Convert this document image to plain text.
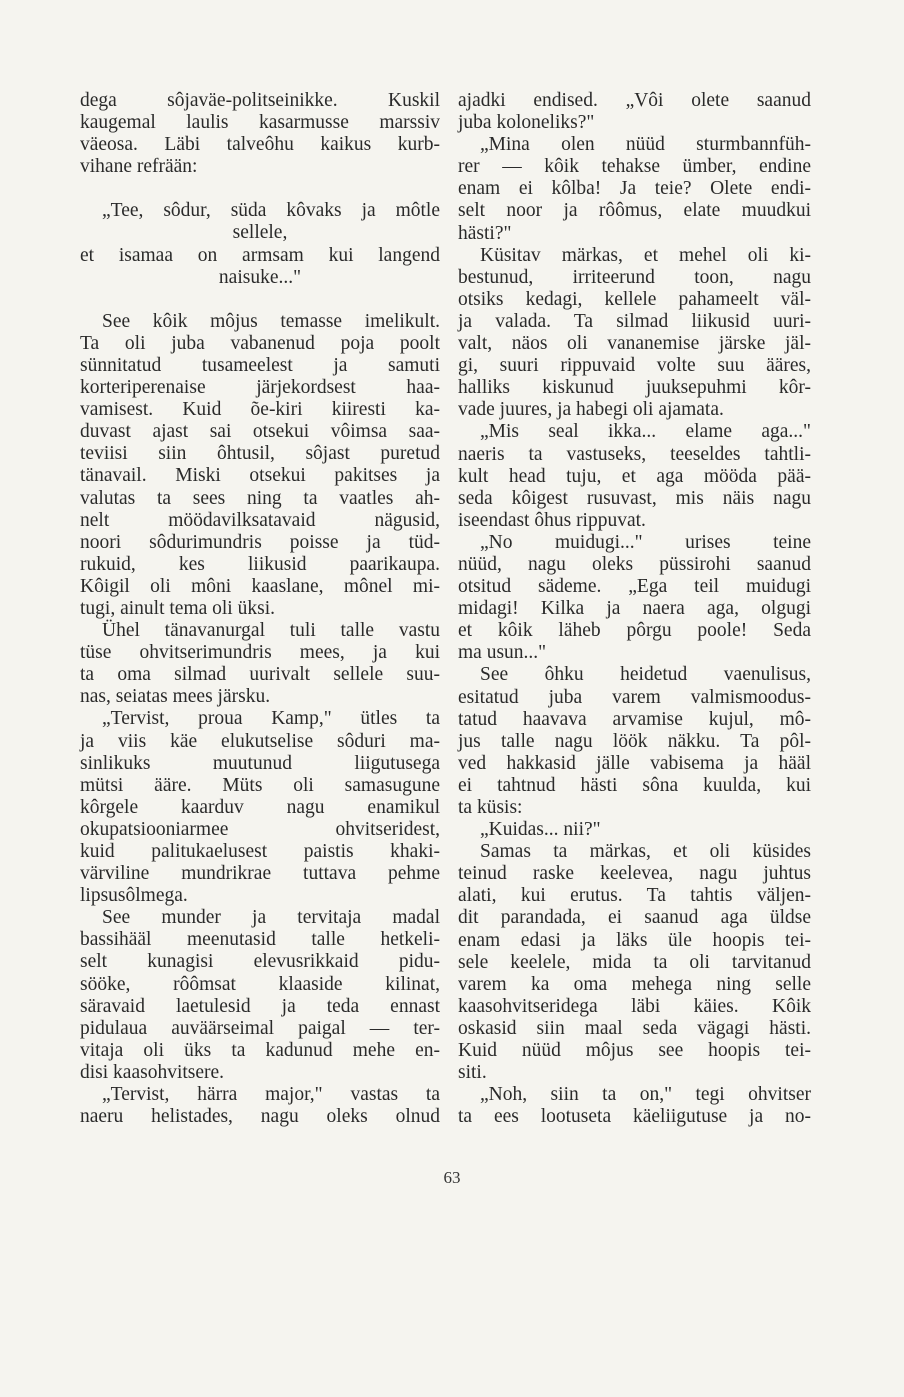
dega sôjaväe-politseinikke. Kuskil
kaugemal laulis kasarmusse marssiv
väeosa. Läbi talveôhu kaikus kurb-
vihane refrään:
„Tee, sôdur, süda kôvaks ja môtle
sellele,
et isamaa on armsam kui langend
naisuke..."
See kôik môjus temasse imelikult.
Ta oli juba vabanenud poja poolt
sünnitatud tusameelest ja samuti
korteriperenaise järjekordsest haa-
vamisest. Kuid õe-kiri kiiresti ka-
duvast ajast sai otsekui vôimsa saa-
teviisi siin ôhtusil, sôjast puretud
tänavail. Miski otsekui pakitses ja
valutas ta sees ning ta vaatles ah-
nelt möödavilksatavaid nägusid,
noori sôdurimundris poisse ja tüd-
rukuid, kes liikusid paarikaupa.
Kôigil oli môni kaaslane, mônel mi-
tugi, ainult tema oli üksi.
Ühel tänavanurgal tuli talle vastu
tüse ohvitserimundris mees, ja kui
ta oma silmad uurivalt sellele suu-
nas, seiatas mees järsku.
„Tervist, proua Kamp," ütles ta
ja viis käe elukutselise sôduri ma-
sinlikuks muutunud liigutusega
mütsi ääre. Müts oli samasugune
kôrgele kaarduv nagu enamikul
okupatsiooniarmee ohvitseridest,
kuid palitukaelusest paistis khaki-
värviline mundrikrae tuttava pehme
lipsusôlmega.
See munder ja tervitaja madal
bassihääl meenutasid talle hetkeli-
selt kunagisi elevusrikkaid pidu-
sööke, rôômsat klaaside kilinat,
säravaid laetulesid ja teda ennast
pidulaua auväärseimal paigal — ter-
vitaja oli üks ta kadunud mehe en-
disi kaasohvitsere.
„Tervist, härra major," vastas ta
naeru helistades, nagu oleks olnud
ajadki endised. „Vôi olete saanud
juba koloneliks?"
„Mina olen nüüd sturmbannfüh-
rer — kôik tehakse ümber, endine
enam ei kôlba! Ja teie? Olete endi-
selt noor ja rôômus, elate muudkui
hästi?"
Küsitav märkas, et mehel oli ki-
bestunud, irriteerund toon, nagu
otsiks kedagi, kellele pahameelt väl-
ja valada. Ta silmad liikusid uuri-
valt, näos oli vananemise järske jäl-
gi, suuri rippuvaid volte suu ääres,
halliks kiskunud juuksepuhmi kôr-
vade juures, ja habegi oli ajamata.
„Mis seal ikka... elame aga..."
naeris ta vastuseks, teeseldes tahtli-
kult head tuju, et aga mööda pää-
seda kôigest rusuvast, mis näis nagu
iseendast ôhus rippuvat.
„No muidugi..." urises teine
nüüd, nagu oleks püssirohi saanud
otsitud sädeme. „Ega teil muidugi
midagi! Kilka ja naera aga, olgugi
et kôik läheb pôrgu poole! Seda
ma usun..."
See ôhku heidetud vaenulisus,
esitatud juba varem valmismoodus-
tatud haavava arvamise kujul, mô-
jus talle nagu löök näkku. Ta pôl-
ved hakkasid jälle vabisema ja hääl
ei tahtnud hästi sôna kuulda, kui
ta küsis:
„Kuidas... nii?"
Samas ta märkas, et oli küsides
teinud raske keelevea, nagu juhtus
alati, kui erutus. Ta tahtis väljen-
dit parandada, ei saanud aga üldse
enam edasi ja läks üle hoopis tei-
sele keelele, mida ta oli tarvitanud
varem ka oma mehega ning selle
kaasohvitseridega läbi käies. Kôik
oskasid siin maal seda vägagi hästi.
Kuid nüüd môjus see hoopis tei-
siti.
„Noh, siin ta on," tegi ohvitser
ta ees lootuseta käeliigutuse ja no-
63
